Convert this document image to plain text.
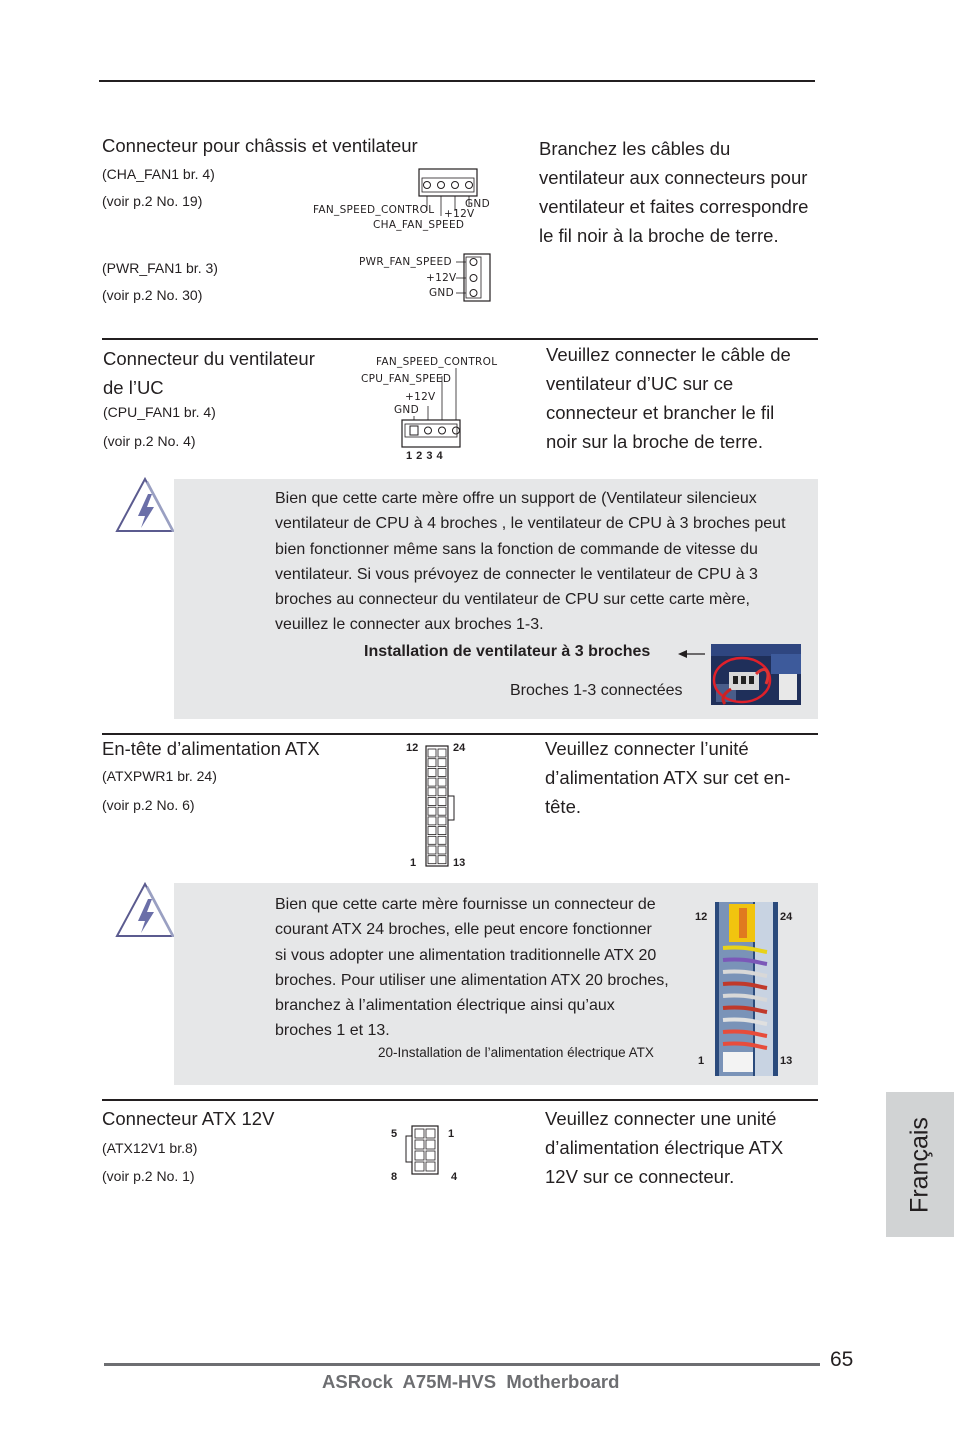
Connecteur pour châssis et ventilateur
(CHA_FAN1 br. 4)
(voir p.2 No. 19)
(PWR_FAN1 br. 3)
(voir p.2 No. 30)
Branchez les câbles du
ventilateur aux connecteurs pour
ventilateur et faites correspondre
le fil noir à la broche de terre.
FAN_SPEED_CONTROL +12V
GND
CHA_FAN_SPEED
PWR_FAN_SPEED
+12V
GND
Connecteur du ventilateur
de l’UC
(CPU_FAN1 br. 4)
(voir p.2 No. 4)
Veuillez connecter le câble de
ventilateur d’UC sur ce
connecteur et brancher le fil
noir sur la broche de terre.
FAN_SPEED_CONTROL
CPU_FAN_SPEED
+12V
GND
1 2 3 4
Bien que cette carte mère offre un support de (Ventilateur silencieux
ventilateur de CPU à 4 broches , le ventilateur de CPU à 3 broches peut
bien fonctionner même sans la fonction de commande de vitesse du
ventilateur. Si vous prévoyez de connecter le ventilateur de CPU à 3
broches au connecteur du ventilateur de CPU sur cette carte mère,
veuillez le connecter aux broches 1-3.
Installation de ventilateur à 3 broches
Broches 1-3 connectées
En-tête d’alimentation ATX
(ATXPWR1 br. 24)
(voir p.2 No. 6)
Veuillez connecter l’unité
d’alimentation ATX sur cet en-
tête.
12	24
1	13
Bien que cette carte mère fournisse un connecteur de
courant ATX 24 broches, elle peut encore fonctionner
si vous adopter une alimentation traditionnelle ATX 20
broches. Pour utiliser une alimentation ATX 20 broches,
branchez à l’alimentation électrique ainsi qu’aux
broches 1 et 13.
20-Installation de l’alimentation électrique ATX
12	24
1	13
Connecteur ATX 12V
(ATX12V1 br.8)
(voir p.2 No. 1)
Veuillez connecter une unité
d’alimentation électrique ATX
12V sur ce connecteur.
5	1
8	4	Français
65
ASRock  A75M-HVS  Motherboard
